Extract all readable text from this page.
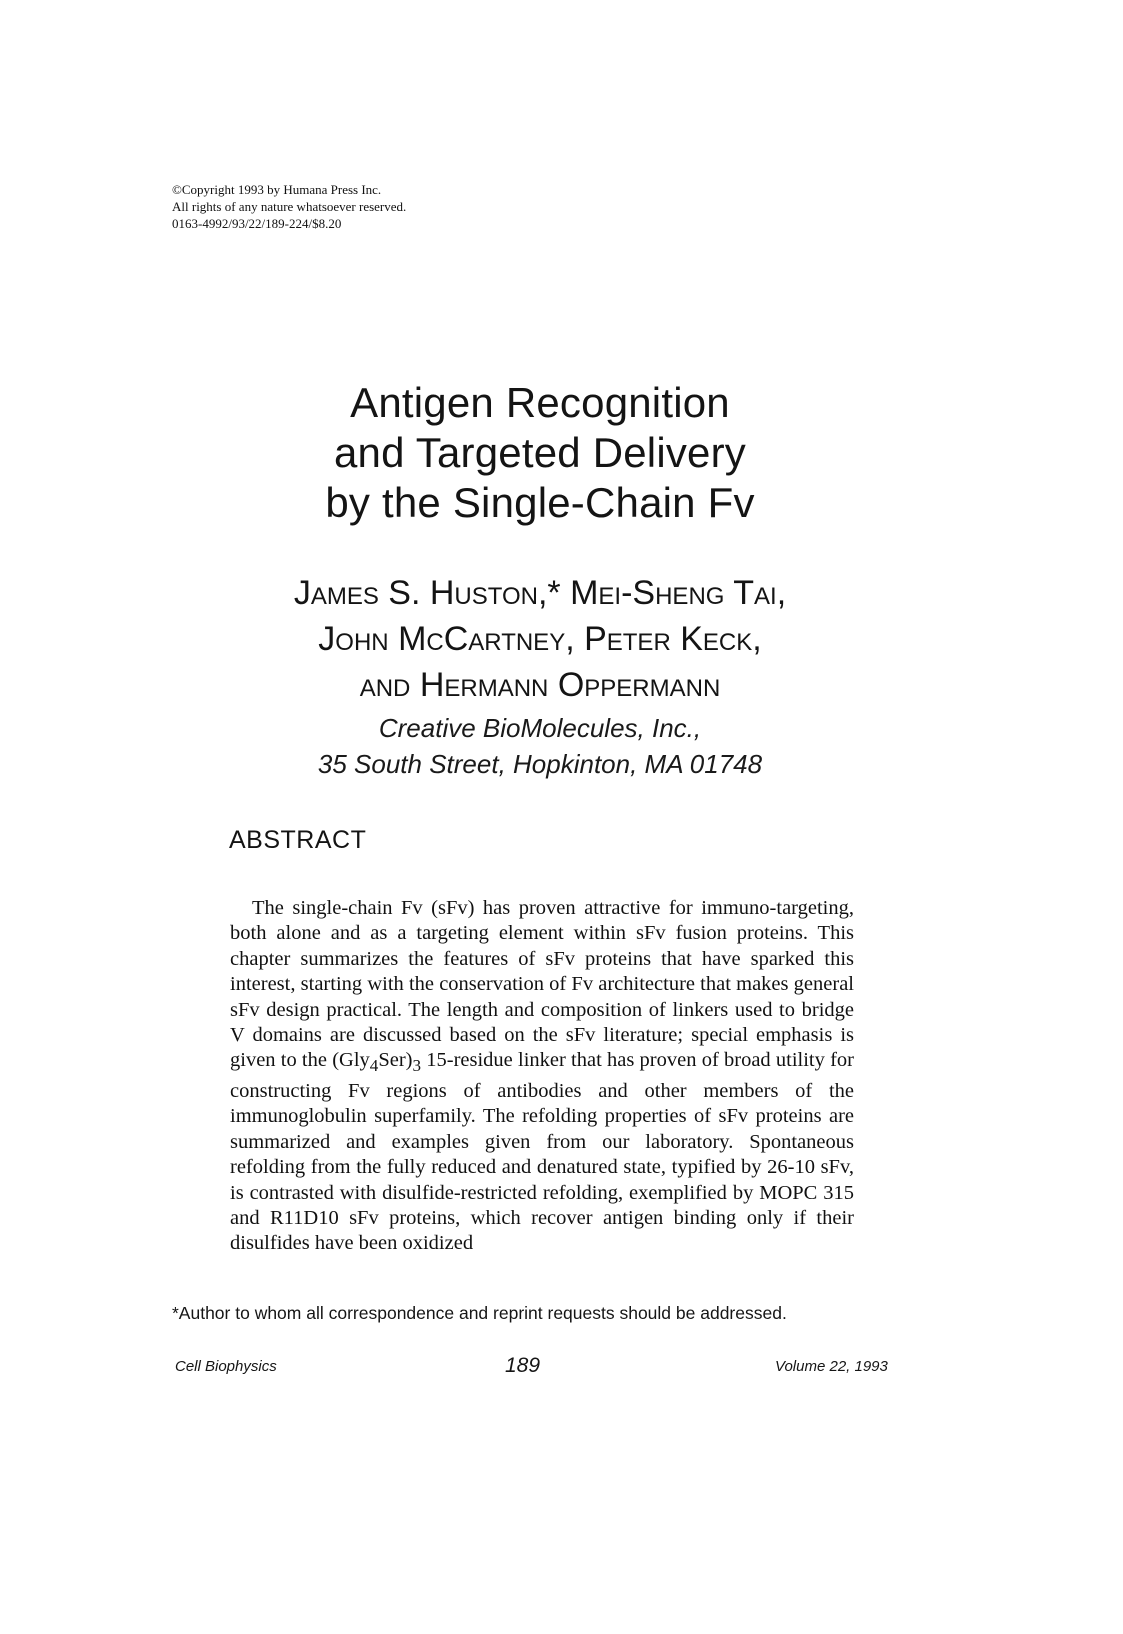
©Copyright 1993 by Humana Press Inc.
All rights of any nature whatsoever reserved.
0163-4992/93/22/189-224/$8.20
Antigen Recognition
and Targeted Delivery
by the Single-Chain Fv
James S. Huston,* Mei-Sheng Tai,
John McCartney, Peter Keck,
and Hermann Oppermann
Creative BioMolecules, Inc.,
35 South Street, Hopkinton, MA 01748
ABSTRACT
The single-chain Fv (sFv) has proven attractive for immuno-targeting, both alone and as a targeting element within sFv fusion proteins. This chapter summarizes the features of sFv proteins that have sparked this interest, starting with the conservation of Fv architecture that makes general sFv design practical. The length and composition of linkers used to bridge V domains are discussed based on the sFv literature; special emphasis is given to the $(Gly_4Ser)_3$ 15-residue linker that has proven of broad utility for constructing Fv regions of antibodies and other members of the immunoglobulin superfamily. The refolding properties of sFv proteins are summarized and examples given from our laboratory. Spontaneous refolding from the fully reduced and denatured state, typified by 26-10 sFv, is contrasted with disulfide-restricted refolding, exemplified by MOPC 315 and R11D10 sFv proteins, which recover antigen binding only if their disulfides have been oxidized
*Author to whom all correspondence and reprint requests should be addressed.
Cell Biophysics	189	Volume 22, 1993
